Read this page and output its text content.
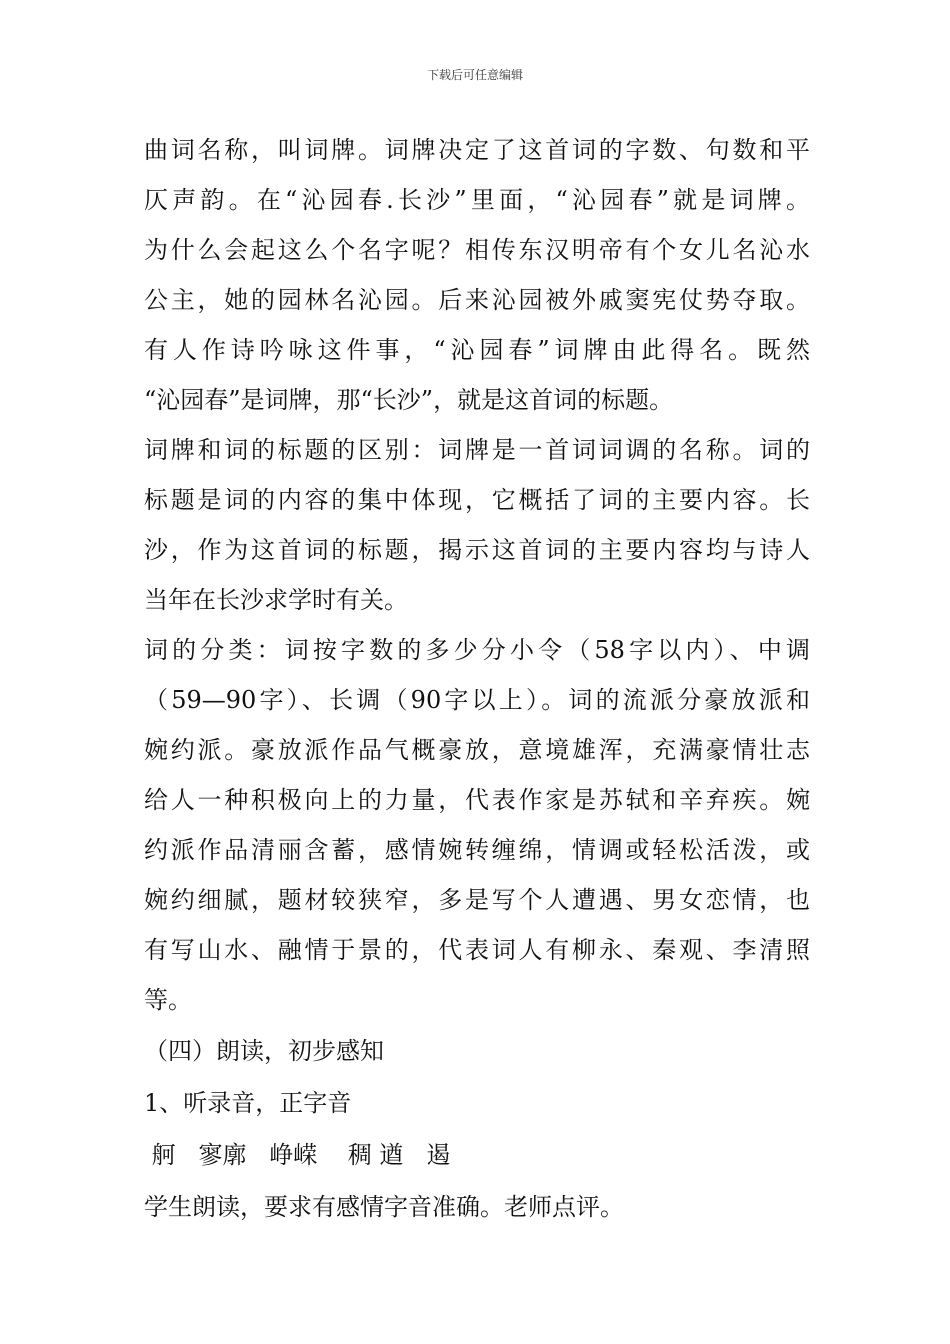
下载后可任意编辑
曲词名称，叫词牌。词牌决定了这首词的字数、句数和平
仄声韵。在“沁园春.长沙”里面，“沁园春”就是词牌。
为什么会起这么个名字呢？相传东汉明帝有个女儿名沁水
公主，她的园林名沁园。后来沁园被外戚窦宪仗势夺取。
有人作诗吟咏这件事，“沁园春”词牌由此得名。既然
“沁园春”是词牌，那“长沙”，就是这首词的标题。
词牌和词的标题的区别：词牌是一首词词调的名称。词的
标题是词的内容的集中体现，它概括了词的主要内容。长
沙，作为这首词的标题，揭示这首词的主要内容均与诗人
当年在长沙求学时有关。
词的分类：词按字数的多少分小令（58字以内）、中调
（59—90字）、长调（90字以上）。词的流派分豪放派和
婉约派。豪放派作品气概豪放，意境雄浑，充满豪情壮志
给人一种积极向上的力量，代表作家是苏轼和辛弃疾。婉
约派作品清丽含蓄，感情婉转缠绵，情调或轻松活泼，或
婉约细腻，题材较狭窄，多是写个人遭遇、男女恋情，也
有写山水、融情于景的，代表词人有柳永、秦观、李清照
等。
（四）朗读，初步感知
1、听录音，正字音
舸   寥廓   峥嵘    稠 遒   遏
学生朗读，要求有感情字音准确。老师点评。
